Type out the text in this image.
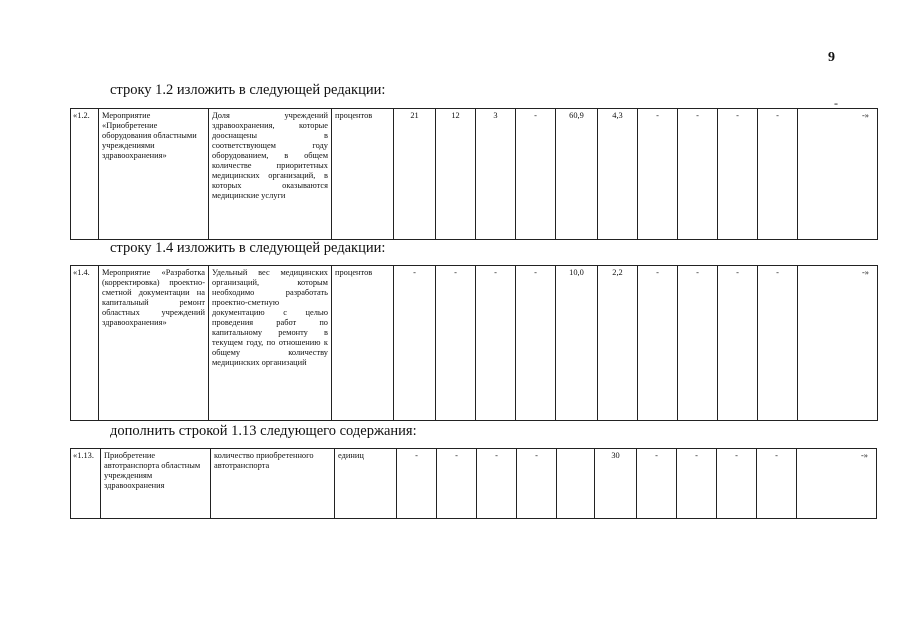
9
-
строку 1.2 изложить в следующей редакции:
«1.2.	Мероприятие «Приобретение оборудования областными учреждениями здравоохранения»	Доля учреждений здравоохранения, которые дооснащены в соответствующем году оборудованием, в общем количестве приоритетных медицинских организаций, в которых оказываются медицинские услуги	процентов	21	12	3	-	60,9	4,3	-	-	-	-	-»
строку 1.4 изложить в следующей редакции:
«1.4.	Мероприятие «Разработка (корректировка) проектно-сметной документации на капитальный ремонт областных учреждений здравоохранения»	Удельный вес медицинских организаций, которым необходимо разработать проектно-сметную документацию с целью проведения работ по капитальному ремонту в текущем году, по отношению к общему количеству медицинских организаций	процентов	-	-	-	-	10,0	2,2	-	-	-	-	-»
дополнить строкой 1.13 следующего содержания:
«1.13.	Приобретение автотранспорта областным учреждениям здравоохранения	количество приобретенного автотранспорта	единиц	-	-	-	-		30	-	-	-	-	-»
